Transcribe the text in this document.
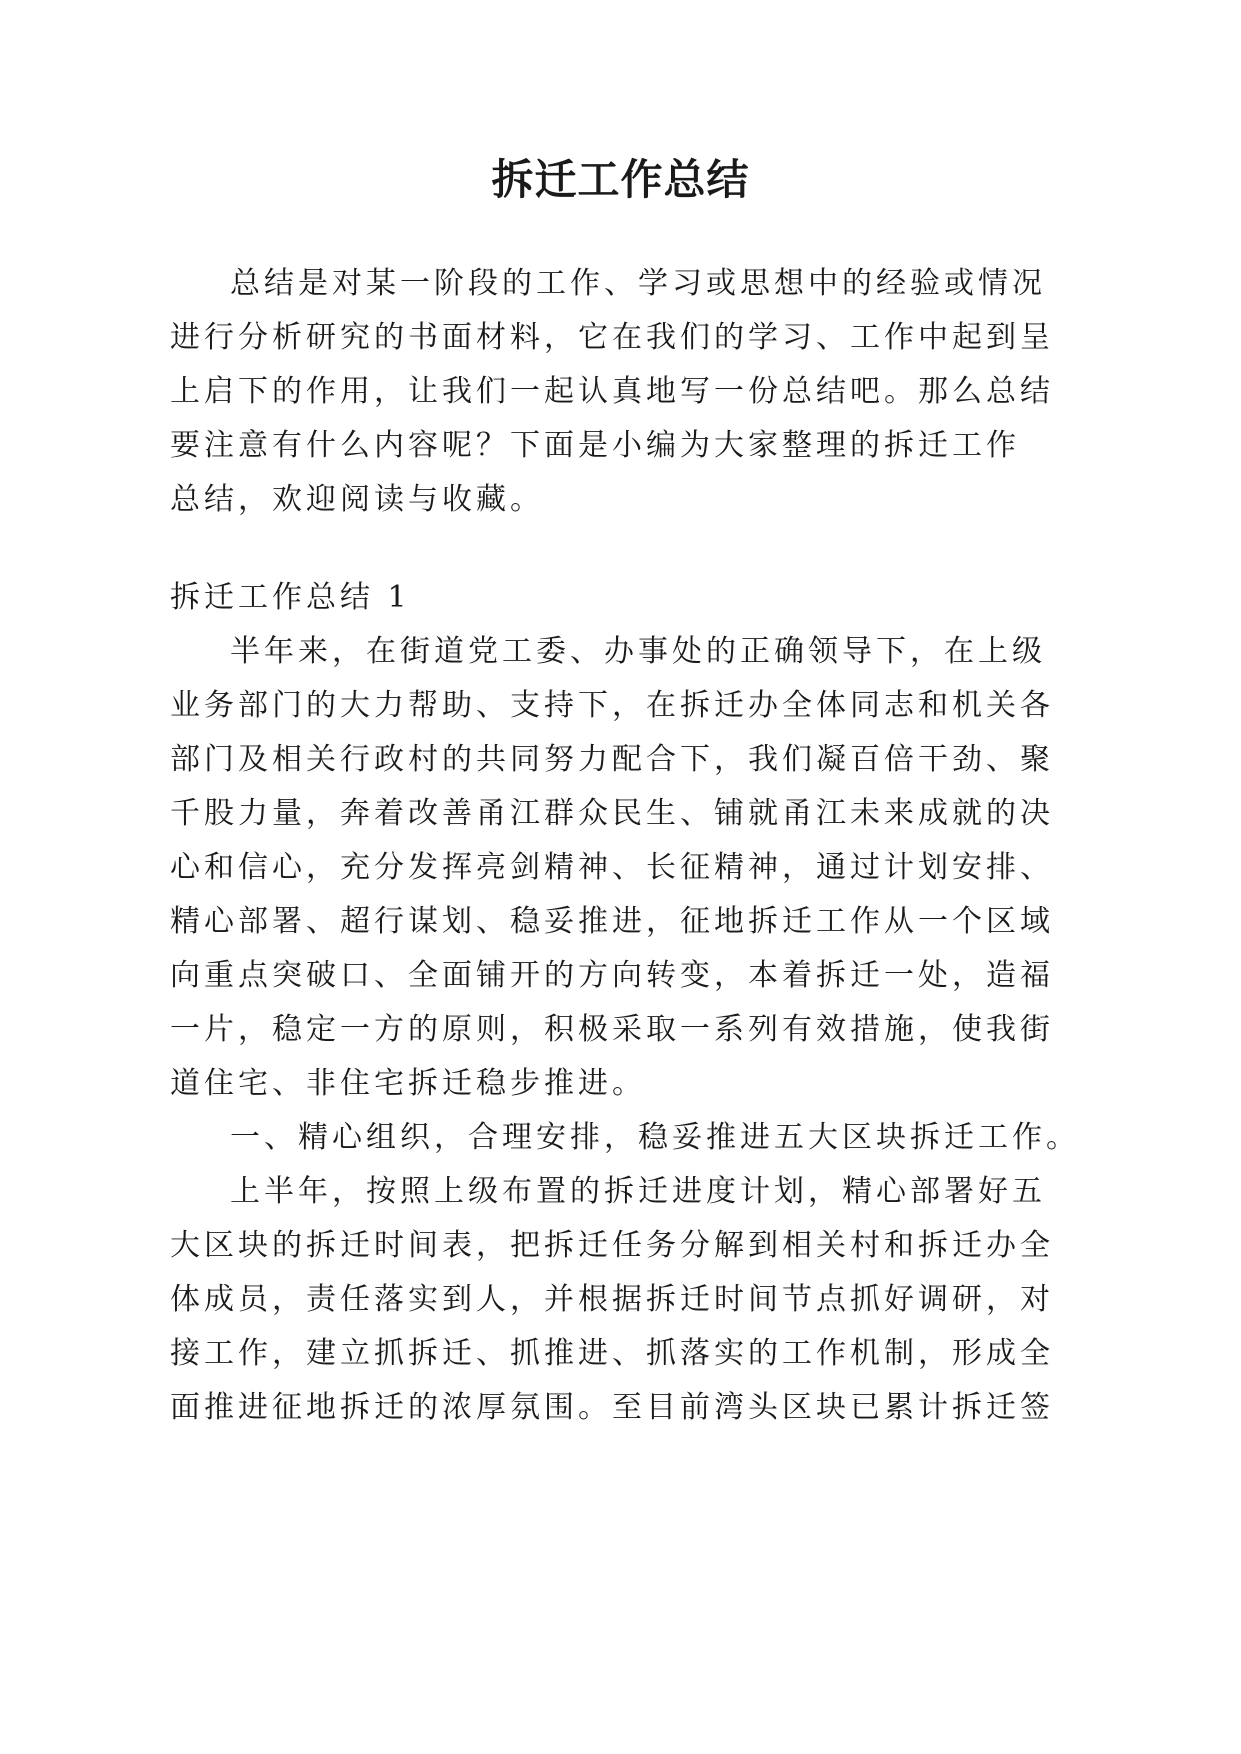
拆迁工作总结

总结是对某一阶段的工作、学习或思想中的经验或情况

进行分析研究的书面材料，它在我们的学习、工作中起到呈

上启下的作用，让我们一起认真地写一份总结吧。那么总结

要注意有什么内容呢？下面是小编为大家整理的拆迁工作

总结，欢迎阅读与收藏。

拆迁工作总结 1

半年来，在街道党工委、办事处的正确领导下，在上级

业务部门的大力帮助、支持下，在拆迁办全体同志和机关各

部门及相关行政村的共同努力配合下，我们凝百倍干劲、聚

千股力量，奔着改善甬江群众民生、铺就甬江未来成就的决

心和信心，充分发挥亮剑精神、长征精神，通过计划安排、

精心部署、超行谋划、稳妥推进，征地拆迁工作从一个区域

向重点突破口、全面铺开的方向转变，本着拆迁一处，造福

一片，稳定一方的原则，积极采取一系列有效措施，使我街

道住宅、非住宅拆迁稳步推进。

一、精心组织，合理安排，稳妥推进五大区块拆迁工作。

上半年，按照上级布置的拆迁进度计划，精心部署好五

大区块的拆迁时间表，把拆迁任务分解到相关村和拆迁办全

体成员，责任落实到人，并根据拆迁时间节点抓好调研，对

接工作，建立抓拆迁、抓推进、抓落实的工作机制，形成全

面推进征地拆迁的浓厚氛围。至目前湾头区块已累计拆迁签
